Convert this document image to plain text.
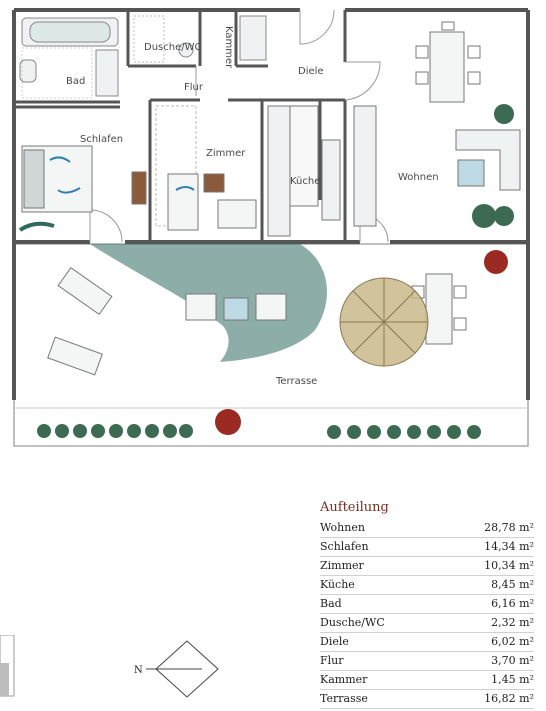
Bad
Dusche/WC Kammer
Flur
Diele
Wohnen
Schlafen
Zimmer
Küche
Terrasse
Aufteilung
Wohnen	28,78 m²
Schlafen	14,34 m²
Zimmer	10,34 m²
Küche	8,45 m²
Bad	6,16 m²
Dusche/WC	2,32 m²
Diele	6,02 m²
Flur	3,70 m²
Kammer	1,45 m²
Terrasse	16,82 m²
N
